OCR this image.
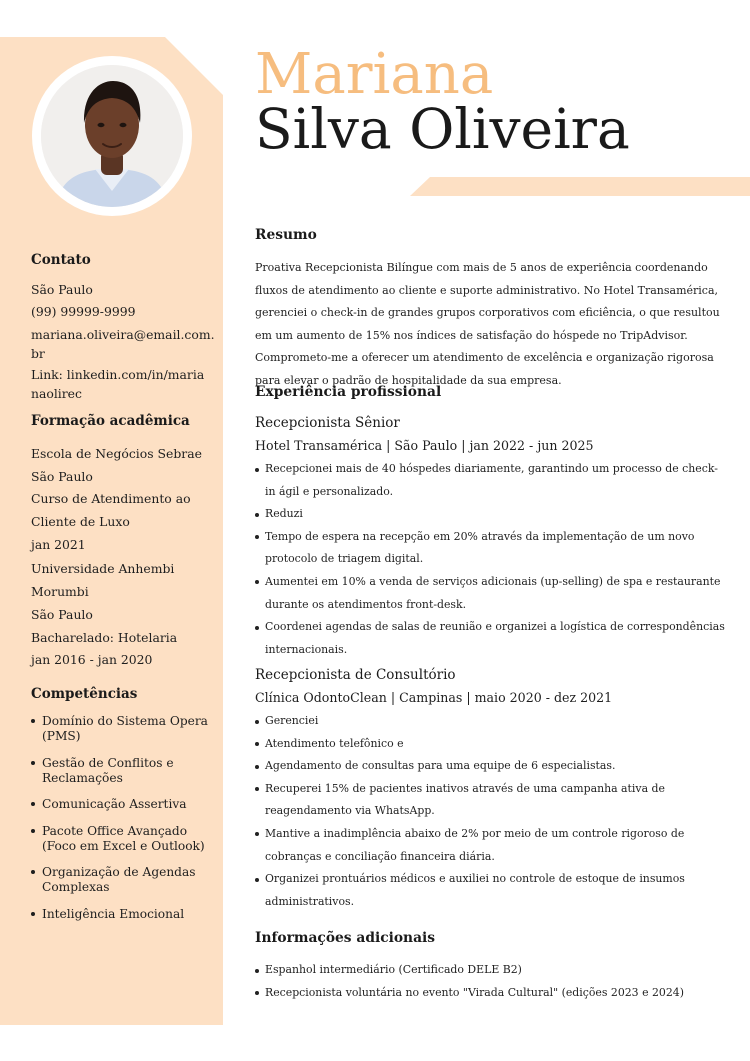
Mariana
Silva Oliveira
Contato
São Paulo
(99) 99999-9999
mariana.oliveira@email.com.
br
Link: linkedin.com/in/maria
naolirec
Formação acadêmica
Escola de Negócios Sebrae
São Paulo
Curso de Atendimento ao
Cliente de Luxo
jan 2021
Universidade Anhembi
Morumbi
São Paulo
Bacharelado: Hotelaria
jan 2016 - jan 2020
Competências
Domínio do Sistema Opera (PMS)
Gestão de Conflitos e Reclamações
Comunicação Assertiva
Pacote Office Avançado (Foco em Excel e Outlook)
Organização de Agendas Complexas
Inteligência Emocional
Resumo

Proativa Recepcionista Bilíngue com mais de 5 anos de experiência coordenando fluxos de atendimento ao cliente e suporte administrativo. No Hotel Transamérica, gerenciei o check-in de grandes grupos corporativos com eficiência, o que resultou em um aumento de 15% nos índices de satisfação do hóspede no TripAdvisor. Comprometo-me a oferecer um atendimento de excelência e organização rigorosa para elevar o padrão de hospitalidade da sua empresa.

Experiência profissional
Recepcionista Sênior
Hotel Transamérica | São Paulo | jan 2022 - jun 2025
Recepcionei mais de 40 hóspedes diariamente, garantindo um processo de check-in ágil e personalizado.
Reduzi
Tempo de espera na recepção em 20% através da implementação de um novo protocolo de triagem digital.
Aumentei em 10% a venda de serviços adicionais (up-selling) de spa e restaurante durante os atendimentos front-desk.
Coordenei agendas de salas de reunião e organizei a logística de correspondências internacionais.
Recepcionista de Consultório
Clínica OdontoClean | Campinas | maio 2020 - dez 2021
Gerenciei
Atendimento telefônico e
Agendamento de consultas para uma equipe de 6 especialistas.
Recuperei 15% de pacientes inativos através de uma campanha ativa de reagendamento via WhatsApp.
Mantive a inadimplência abaixo de 2% por meio de um controle rigoroso de cobranças e conciliação financeira diária.
Organizei prontuários médicos e auxiliei no controle de estoque de insumos administrativos.
Informações adicionais
Espanhol intermediário (Certificado DELE B2)
Recepcionista voluntária no evento "Virada Cultural" (edições 2023 e 2024)
